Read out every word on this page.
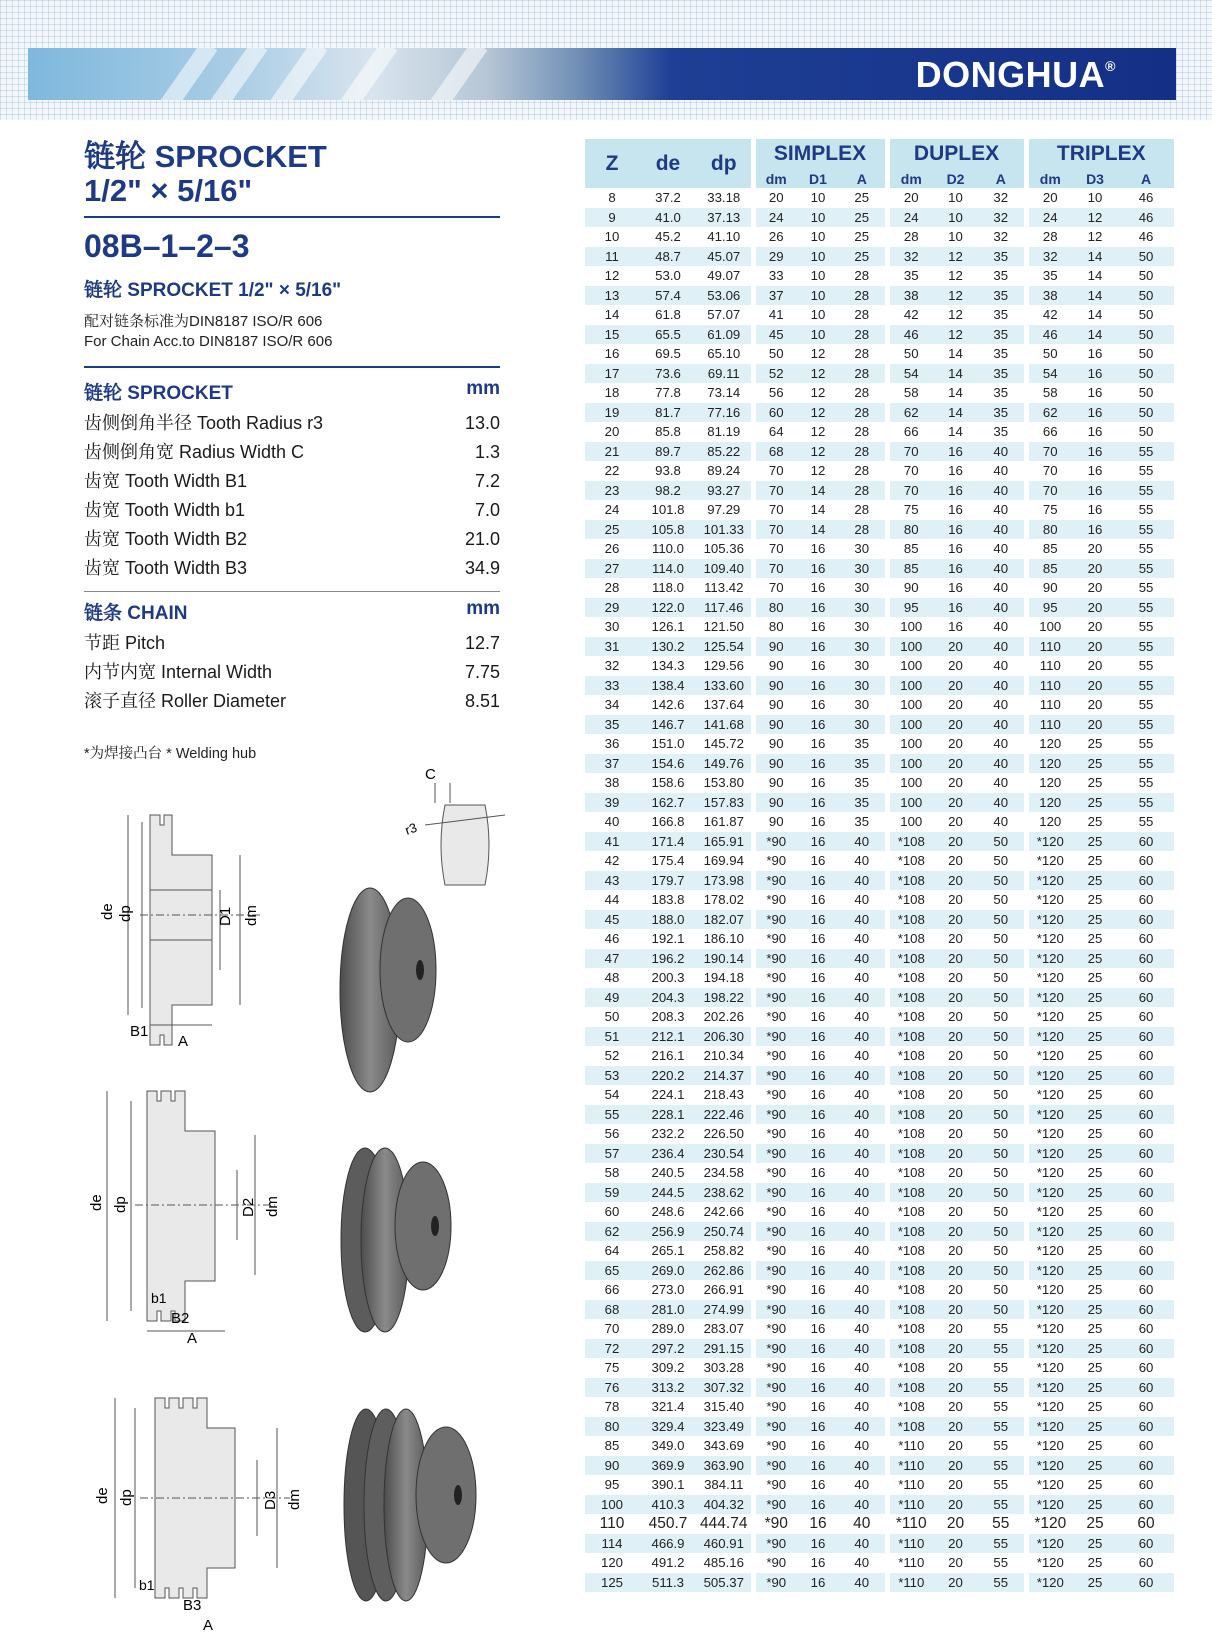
DONGHUA®

链轮 SPROCKET

1/2" × 5/16"

08B–1–2–3
链轮 SPROCKET 1/2" × 5/16"
配对链条标准为DIN8187 ISO/R 606
For Chain Acc.to DIN8187 ISO/R 606
链轮 SPROCKET	mm
齿侧倒角半径 Tooth Radius r3	13.0
齿侧倒角宽 Radius Width C	1.3
齿宽 Tooth Width B1	7.2
齿宽 Tooth Width b1	7.0
齿宽 Tooth Width B2	21.0
齿宽 Tooth Width B3	34.9
链条 CHAIN	mm
节距 Pitch	12.7
内节内宽 Internal Width	7.75
滚子直径 Roller Diameter	8.51
*为焊接凸台 * Welding hub
de dp	D1 dm
B1
A
C
r3
de dp	D2 dm
b1
B2
A
de dp	D3 dm
b1
B3
A
Z	de	dp	SIMPLEX			DUPLEX			TRIPLEX		
			dm	D1	A	dm	D2	A	dm	D3	A
8	37.2	33.18	20	10	25	20	10	32	20	10	46
9	41.0	37.13	24	10	25	24	10	32	24	12	46
10	45.2	41.10	26	10	25	28	10	32	28	12	46
11	48.7	45.07	29	10	25	32	12	35	32	14	50
12	53.0	49.07	33	10	28	35	12	35	35	14	50
13	57.4	53.06	37	10	28	38	12	35	38	14	50
14	61.8	57.07	41	10	28	42	12	35	42	14	50
15	65.5	61.09	45	10	28	46	12	35	46	14	50
16	69.5	65.10	50	12	28	50	14	35	50	16	50
17	73.6	69.11	52	12	28	54	14	35	54	16	50
18	77.8	73.14	56	12	28	58	14	35	58	16	50
19	81.7	77.16	60	12	28	62	14	35	62	16	50
20	85.8	81.19	64	12	28	66	14	35	66	16	50
21	89.7	85.22	68	12	28	70	16	40	70	16	55
22	93.8	89.24	70	12	28	70	16	40	70	16	55
23	98.2	93.27	70	14	28	70	16	40	70	16	55
24	101.8	97.29	70	14	28	75	16	40	75	16	55
25	105.8	101.33	70	14	28	80	16	40	80	16	55
26	110.0	105.36	70	16	30	85	16	40	85	20	55
27	114.0	109.40	70	16	30	85	16	40	85	20	55
28	118.0	113.42	70	16	30	90	16	40	90	20	55
29	122.0	117.46	80	16	30	95	16	40	95	20	55
30	126.1	121.50	80	16	30	100	16	40	100	20	55
31	130.2	125.54	90	16	30	100	20	40	110	20	55
32	134.3	129.56	90	16	30	100	20	40	110	20	55
33	138.4	133.60	90	16	30	100	20	40	110	20	55
34	142.6	137.64	90	16	30	100	20	40	110	20	55
35	146.7	141.68	90	16	30	100	20	40	110	20	55
36	151.0	145.72	90	16	35	100	20	40	120	25	55
37	154.6	149.76	90	16	35	100	20	40	120	25	55
38	158.6	153.80	90	16	35	100	20	40	120	25	55
39	162.7	157.83	90	16	35	100	20	40	120	25	55
40	166.8	161.87	90	16	35	100	20	40	120	25	55
41	171.4	165.91	*90	16	40	*108	20	50	*120	25	60
42	175.4	169.94	*90	16	40	*108	20	50	*120	25	60
43	179.7	173.98	*90	16	40	*108	20	50	*120	25	60
44	183.8	178.02	*90	16	40	*108	20	50	*120	25	60
45	188.0	182.07	*90	16	40	*108	20	50	*120	25	60
46	192.1	186.10	*90	16	40	*108	20	50	*120	25	60
47	196.2	190.14	*90	16	40	*108	20	50	*120	25	60
48	200.3	194.18	*90	16	40	*108	20	50	*120	25	60
49	204.3	198.22	*90	16	40	*108	20	50	*120	25	60
50	208.3	202.26	*90	16	40	*108	20	50	*120	25	60
51	212.1	206.30	*90	16	40	*108	20	50	*120	25	60
52	216.1	210.34	*90	16	40	*108	20	50	*120	25	60
53	220.2	214.37	*90	16	40	*108	20	50	*120	25	60
54	224.1	218.43	*90	16	40	*108	20	50	*120	25	60
55	228.1	222.46	*90	16	40	*108	20	50	*120	25	60
56	232.2	226.50	*90	16	40	*108	20	50	*120	25	60
57	236.4	230.54	*90	16	40	*108	20	50	*120	25	60
58	240.5	234.58	*90	16	40	*108	20	50	*120	25	60
59	244.5	238.62	*90	16	40	*108	20	50	*120	25	60
60	248.6	242.66	*90	16	40	*108	20	50	*120	25	60
62	256.9	250.74	*90	16	40	*108	20	50	*120	25	60
64	265.1	258.82	*90	16	40	*108	20	50	*120	25	60
65	269.0	262.86	*90	16	40	*108	20	50	*120	25	60
66	273.0	266.91	*90	16	40	*108	20	50	*120	25	60
68	281.0	274.99	*90	16	40	*108	20	50	*120	25	60
70	289.0	283.07	*90	16	40	*108	20	55	*120	25	60
72	297.2	291.15	*90	16	40	*108	20	55	*120	25	60
75	309.2	303.28	*90	16	40	*108	20	55	*120	25	60
76	313.2	307.32	*90	16	40	*108	20	55	*120	25	60
78	321.4	315.40	*90	16	40	*108	20	55	*120	25	60
80	329.4	323.49	*90	16	40	*108	20	55	*120	25	60
85	349.0	343.69	*90	16	40	*110	20	55	*120	25	60
90	369.9	363.90	*90	16	40	*110	20	55	*120	25	60
95	390.1	384.11	*90	16	40	*110	20	55	*120	25	60
100	410.3	404.32	*90	16	40	*110	20	55	*120	25	60
110	450.7	444.74	*90	16	40	*110	20	55	*120	25	60
114	466.9	460.91	*90	16	40	*110	20	55	*120	25	60
120	491.2	485.16	*90	16	40	*110	20	55	*120	25	60
125	511.3	505.37	*90	16	40	*110	20	55	*120	25	60
